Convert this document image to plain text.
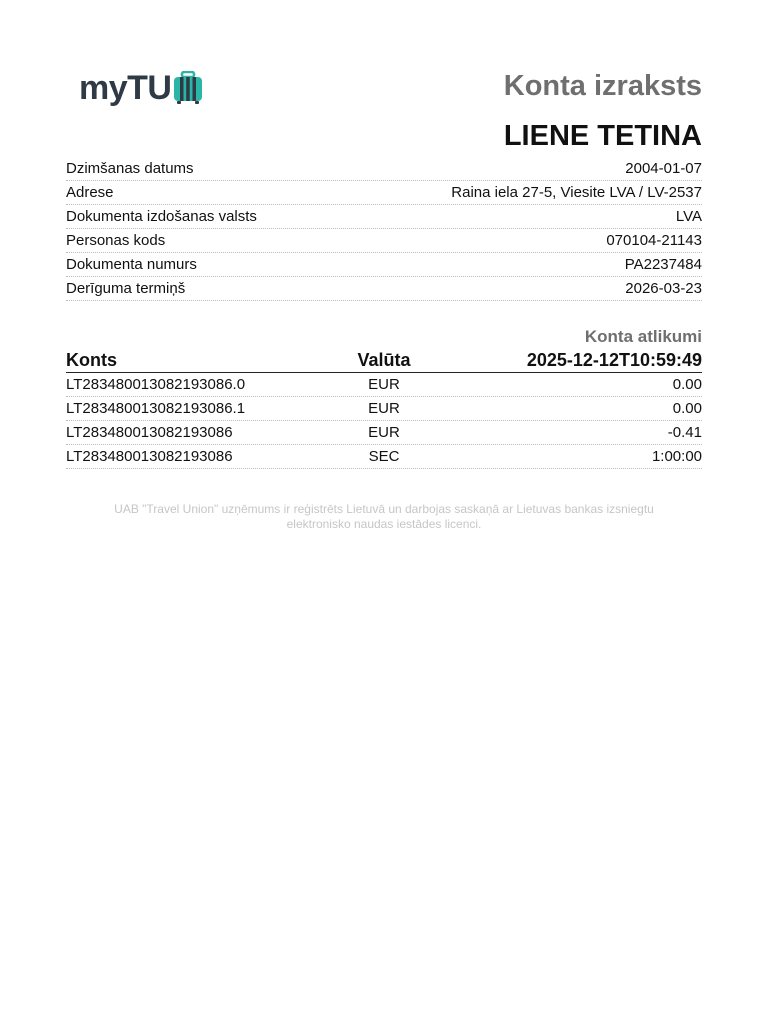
myTU	Konta izraksts
LIENE TETINA
Dzimšanas datums	2004-01-07
Adrese	Raina iela 27-5, Viesite LVA / LV-2537
Dokumenta izdošanas valsts	LVA
Personas kods	070104-21143
Dokumenta numurs	PA2237484
Derīguma termiņš	2026-03-23
Konta atlikumi
Konts	Valūta	2025-12-12T10:59:49
LT283480013082193086.0	EUR	0.00
LT283480013082193086.1	EUR	0.00
LT283480013082193086	EUR	-0.41
LT283480013082193086	SEC	1:00:00
UAB "Travel Union" uzņēmums ir reģistrēts Lietuvā un darbojas saskaņā ar Lietuvas bankas izsniegtu
elektronisko naudas iestādes licenci.
